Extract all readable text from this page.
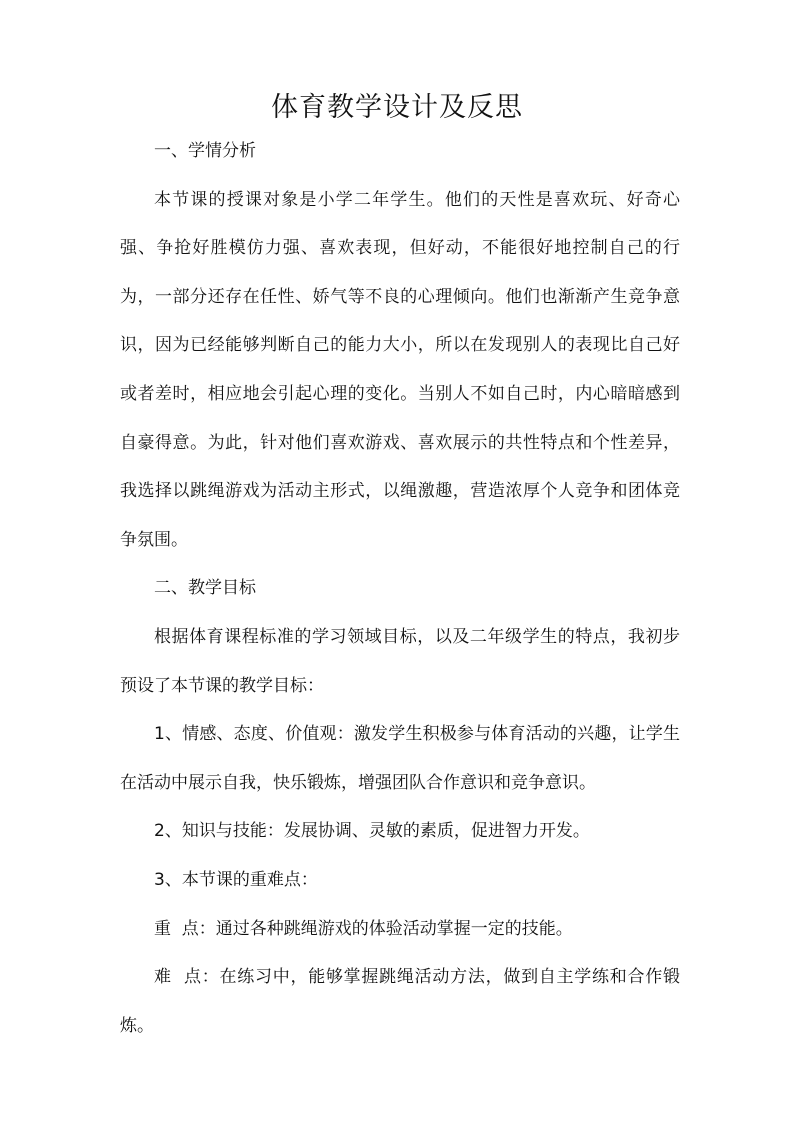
体育教学设计及反思

一、学情分析

本节课的授课对象是小学二年学生。他们的天性是喜欢玩、好奇心强、争抢好胜模仿力强、喜欢表现，但好动，不能很好地控制自己的行为，一部分还存在任性、娇气等不良的心理倾向。他们也渐渐产生竞争意识，因为已经能够判断自己的能力大小，所以在发现别人的表现比自己好或者差时，相应地会引起心理的变化。当别人不如自己时，内心暗暗感到自豪得意。为此，针对他们喜欢游戏、喜欢展示的共性特点和个性差异，我选择以跳绳游戏为活动主形式，以绳激趣，营造浓厚个人竞争和团体竞争氛围。

二、教学目标

根据体育课程标准的学习领域目标，以及二年级学生的特点，我初步预设了本节课的教学目标：

1、情感、态度、价值观：激发学生积极参与体育活动的兴趣，让学生在活动中展示自我，快乐锻炼，增强团队合作意识和竞争意识。

2、知识与技能：发展协调、灵敏的素质，促进智力开发。

3、本节课的重难点：

重  点：通过各种跳绳游戏的体验活动掌握一定的技能。

难  点：在练习中，能够掌握跳绳活动方法，做到自主学练和合作锻炼。
